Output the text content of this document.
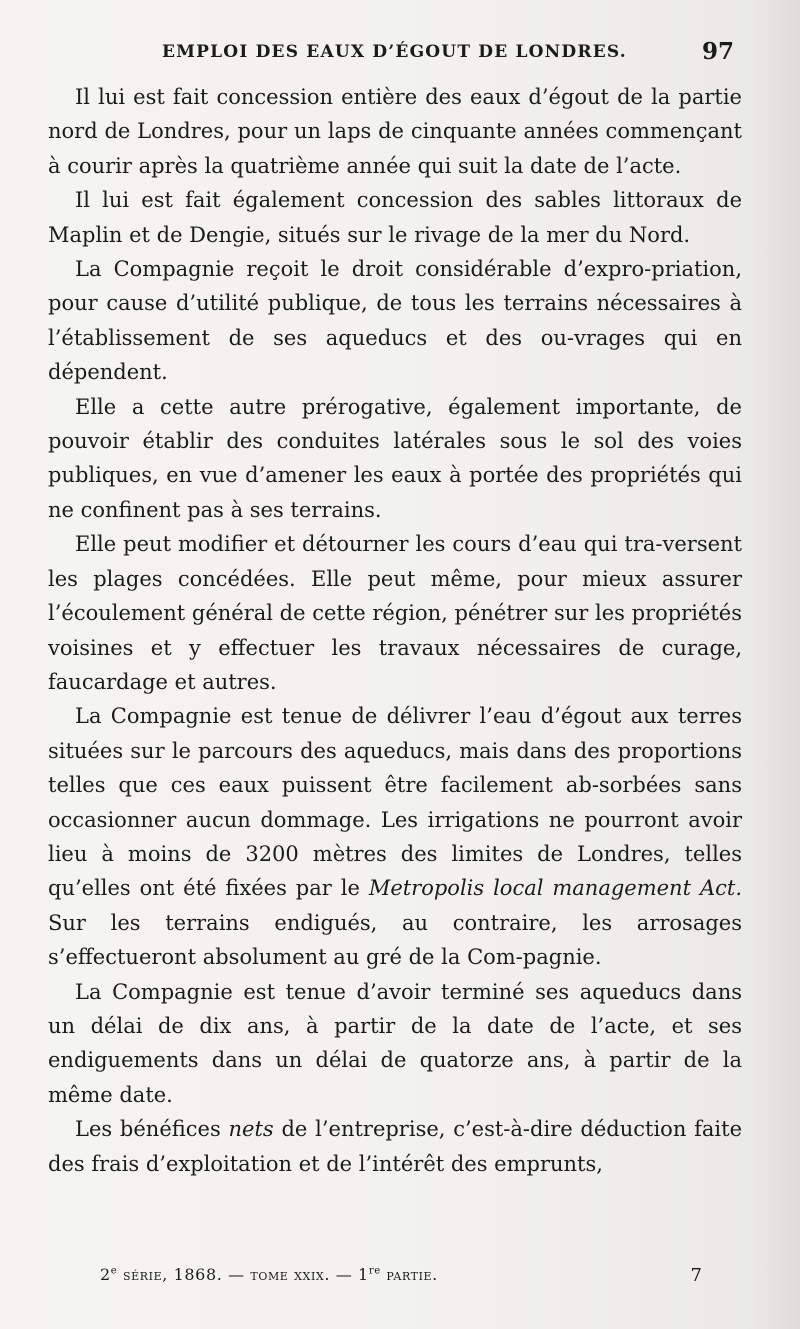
EMPLOI DES EAUX D’ÉGOUT DE LONDRES.	97

Il lui est fait concession entière des eaux d’égout de la partie nord de Londres, pour un laps de cinquante années commençant à courir après la quatrième année qui suit la date de l’acte.

Il lui est fait également concession des sables littoraux de Maplin et de Dengie, situés sur le rivage de la mer du Nord.

La Compagnie reçoit le droit considérable d’expro-priation, pour cause d’utilité publique, de tous les terrains nécessaires à l’établissement de ses aqueducs et des ou-vrages qui en dépendent.

Elle a cette autre prérogative, également importante, de pouvoir établir des conduites latérales sous le sol des voies publiques, en vue d’amener les eaux à portée des propriétés qui ne confinent pas à ses terrains.

Elle peut modifier et détourner les cours d’eau qui tra-versent les plages concédées. Elle peut même, pour mieux assurer l’écoulement général de cette région, pénétrer sur les propriétés voisines et y effectuer les travaux nécessaires de curage, faucardage et autres.

La Compagnie est tenue de délivrer l’eau d’égout aux terres situées sur le parcours des aqueducs, mais dans des proportions telles que ces eaux puissent être facilement ab-sorbées sans occasionner aucun dommage. Les irrigations ne pourront avoir lieu à moins de 3200 mètres des limites de Londres, telles qu’elles ont été fixées par le Metropolis local management Act. Sur les terrains endigués, au contraire, les arrosages s’effectueront absolument au gré de la Com-pagnie.

La Compagnie est tenue d’avoir terminé ses aqueducs dans un délai de dix ans, à partir de la date de l’acte, et ses endiguements dans un délai de quatorze ans, à partir de la même date.

Les bénéfices nets de l’entreprise, c’est-à-dire déduction faite des frais d’exploitation et de l’intérêt des emprunts,

2e série, 1868. — tome xxix. — 1re partie.	7
